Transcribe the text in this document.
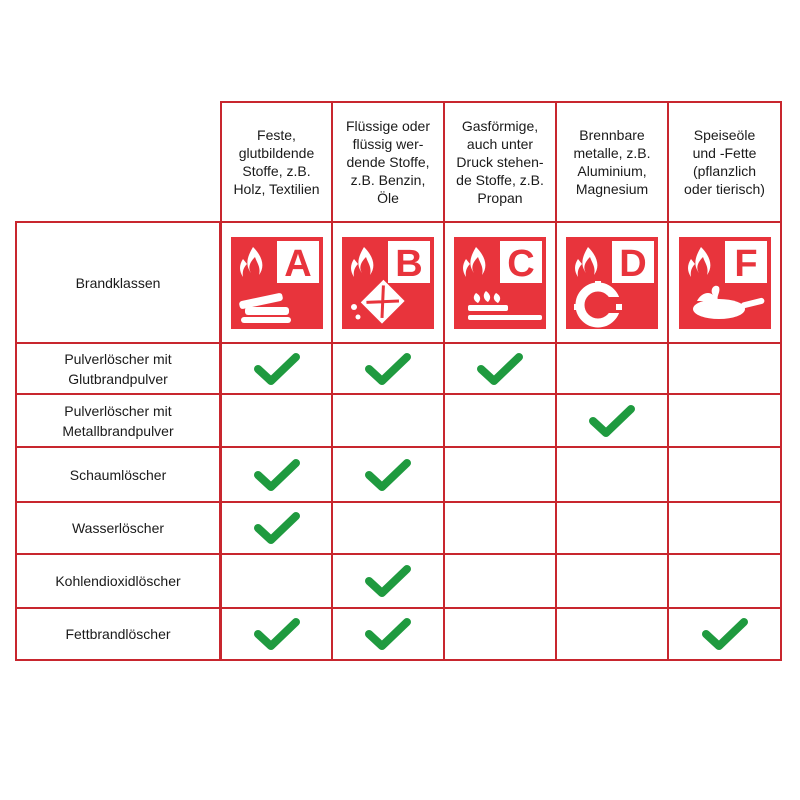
Feste,
glutbildende
Stoffe, z.B.
Holz, Textilien
Flüssige oder
flüssig wer-
dende Stoffe,
z.B. Benzin,
Öle
Gasförmige,
auch unter
Druck stehen-
de Stoffe, z.B.
Propan
Brennbare
metalle, z.B.
Aluminium,
Magnesium
Speiseöle
und -Fette
(pflanzlich
oder tierisch)
Brandklassen	A B C D F
Pulverlöscher mit
Glutbrandpulver
Pulverlöscher mit
Metallbrandpulver
Schaumlöscher
Wasserlöscher
Kohlendioxidlöscher
Fettbrandlöscher
